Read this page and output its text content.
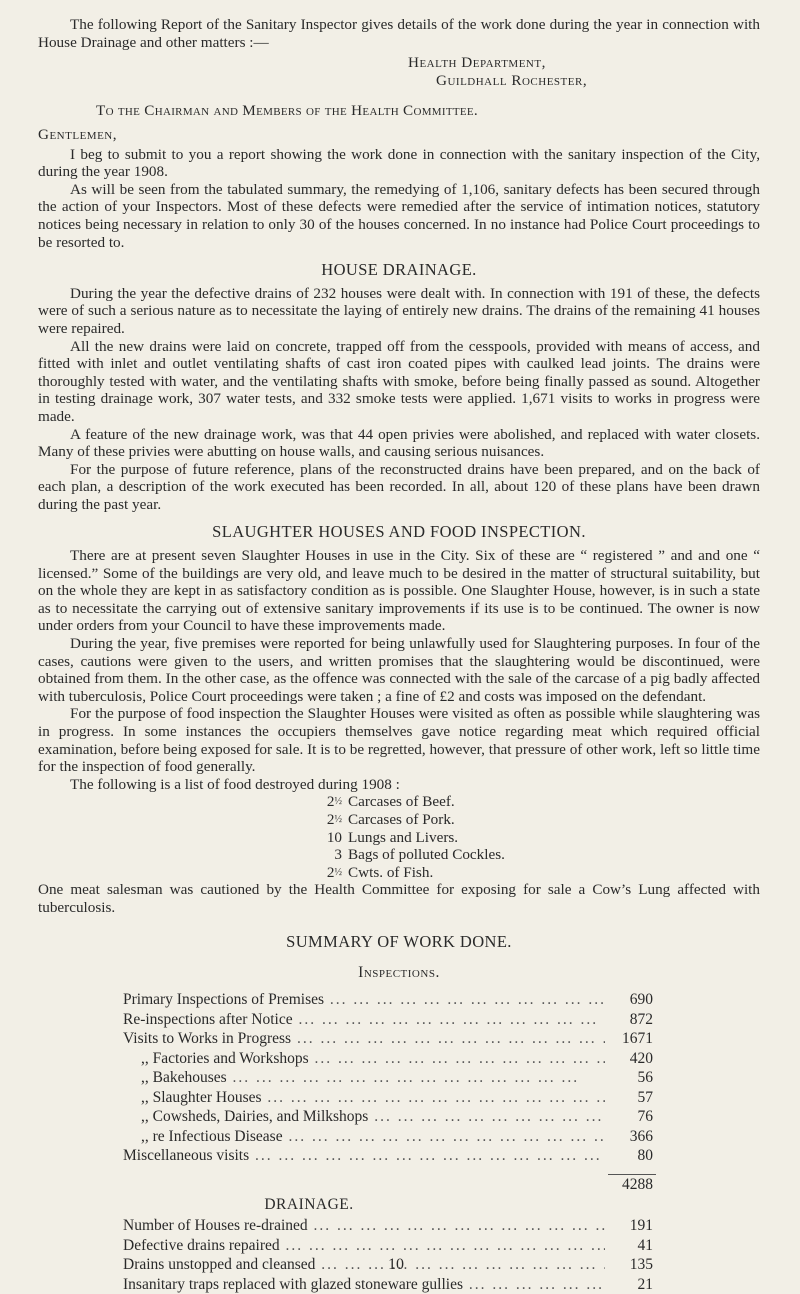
The following Report of the Sanitary Inspector gives details of the work done during the year in connection with House Drainage and other matters :—

Health Department,
Guildhall Rochester,
To the Chairman and Members of the Health Committee.

Gentlemen,

I beg to submit to you a report showing the work done in connection with the sanitary inspection of the City, during the year 1908.

As will be seen from the tabulated summary, the remedying of 1,106, sanitary defects has been secured through the action of your Inspectors. Most of these defects were remedied after the service of intimation notices, statutory notices being necessary in relation to only 30 of the houses concerned. In no instance had Police Court proceedings to be resorted to.

HOUSE DRAINAGE.

During the year the defective drains of 232 houses were dealt with. In connection with 191 of these, the defects were of such a serious nature as to necessitate the laying of entirely new drains. The drains of the remaining 41 houses were repaired.

All the new drains were laid on concrete, trapped off from the cesspools, provided with means of access, and fitted with inlet and outlet ventilating shafts of cast iron coated pipes with caulked lead joints. The drains were thoroughly tested with water, and the ventilating shafts with smoke, before being finally passed as sound. Altogether in testing drainage work, 307 water tests, and 332 smoke tests were applied. 1,671 visits to works in progress were made.

A feature of the new drainage work, was that 44 open privies were abolished, and replaced with water closets. Many of these privies were abutting on house walls, and causing serious nuisances.

For the purpose of future reference, plans of the reconstructed drains have been prepared, and on the back of each plan, a description of the work executed has been recorded. In all, about 120 of these plans have been drawn during the past year.

SLAUGHTER HOUSES AND FOOD INSPECTION.

There are at present seven Slaughter Houses in use in the City. Six of these are “ registered ” and and one “ licensed.” Some of the buildings are very old, and leave much to be desired in the matter of structural suitability, but on the whole they are kept in as satisfactory condition as is possible. One Slaughter House, however, is in such a state as to necessitate the carrying out of extensive sanitary improvements if its use is to be continued. The owner is now under orders from your Council to have these improvements made.

During the year, five premises were reported for being unlawfully used for Slaughtering purposes. In four of the cases, cautions were given to the users, and written promises that the slaughtering would be discontinued, were obtained from them. In the other case, as the offence was connected with the sale of the carcase of a pig badly affected with tuberculosis, Police Court proceedings were taken ; a fine of £2 and costs was imposed on the defendant.

For the purpose of food inspection the Slaughter Houses were visited as often as possible while slaughtering was in progress. In some instances the occupiers themselves gave notice regarding meat which required official examination, before being exposed for sale. It is to be regretted, however, that pressure of other work, left so little time for the inspection of food generally.

The following is a list of food destroyed during 1908 :

2½ Carcases of Beef.
2½ Carcases of Pork.
10 Lungs and Livers.
3 Bags of polluted Cockles.
2½ Cwts. of Fish.

One meat salesman was cautioned by the Health Committee for exposing for sale a Cow’s Lung affected with tuberculosis.

SUMMARY OF WORK DONE.

Inspections.
Primary Inspections of Premises ...	690
Re-inspections after Notice ...	872
Visits to Works in Progress ...	1671
,, Factories and Workshops ...	420
,, Bakehouses ...	56
,, Slaughter Houses ...	57
,, Cowsheds, Dairies, and Milkshops ...	76
,, re Infectious Disease ...	366
Miscellaneous visits ...	80
4288
DRAINAGE.
Number of Houses re-drained ...	191
Defective drains repaired ...	41
Drains unstopped and cleansed ...	135
Insanitary traps replaced with glazed stoneware gullies ...	21
10
